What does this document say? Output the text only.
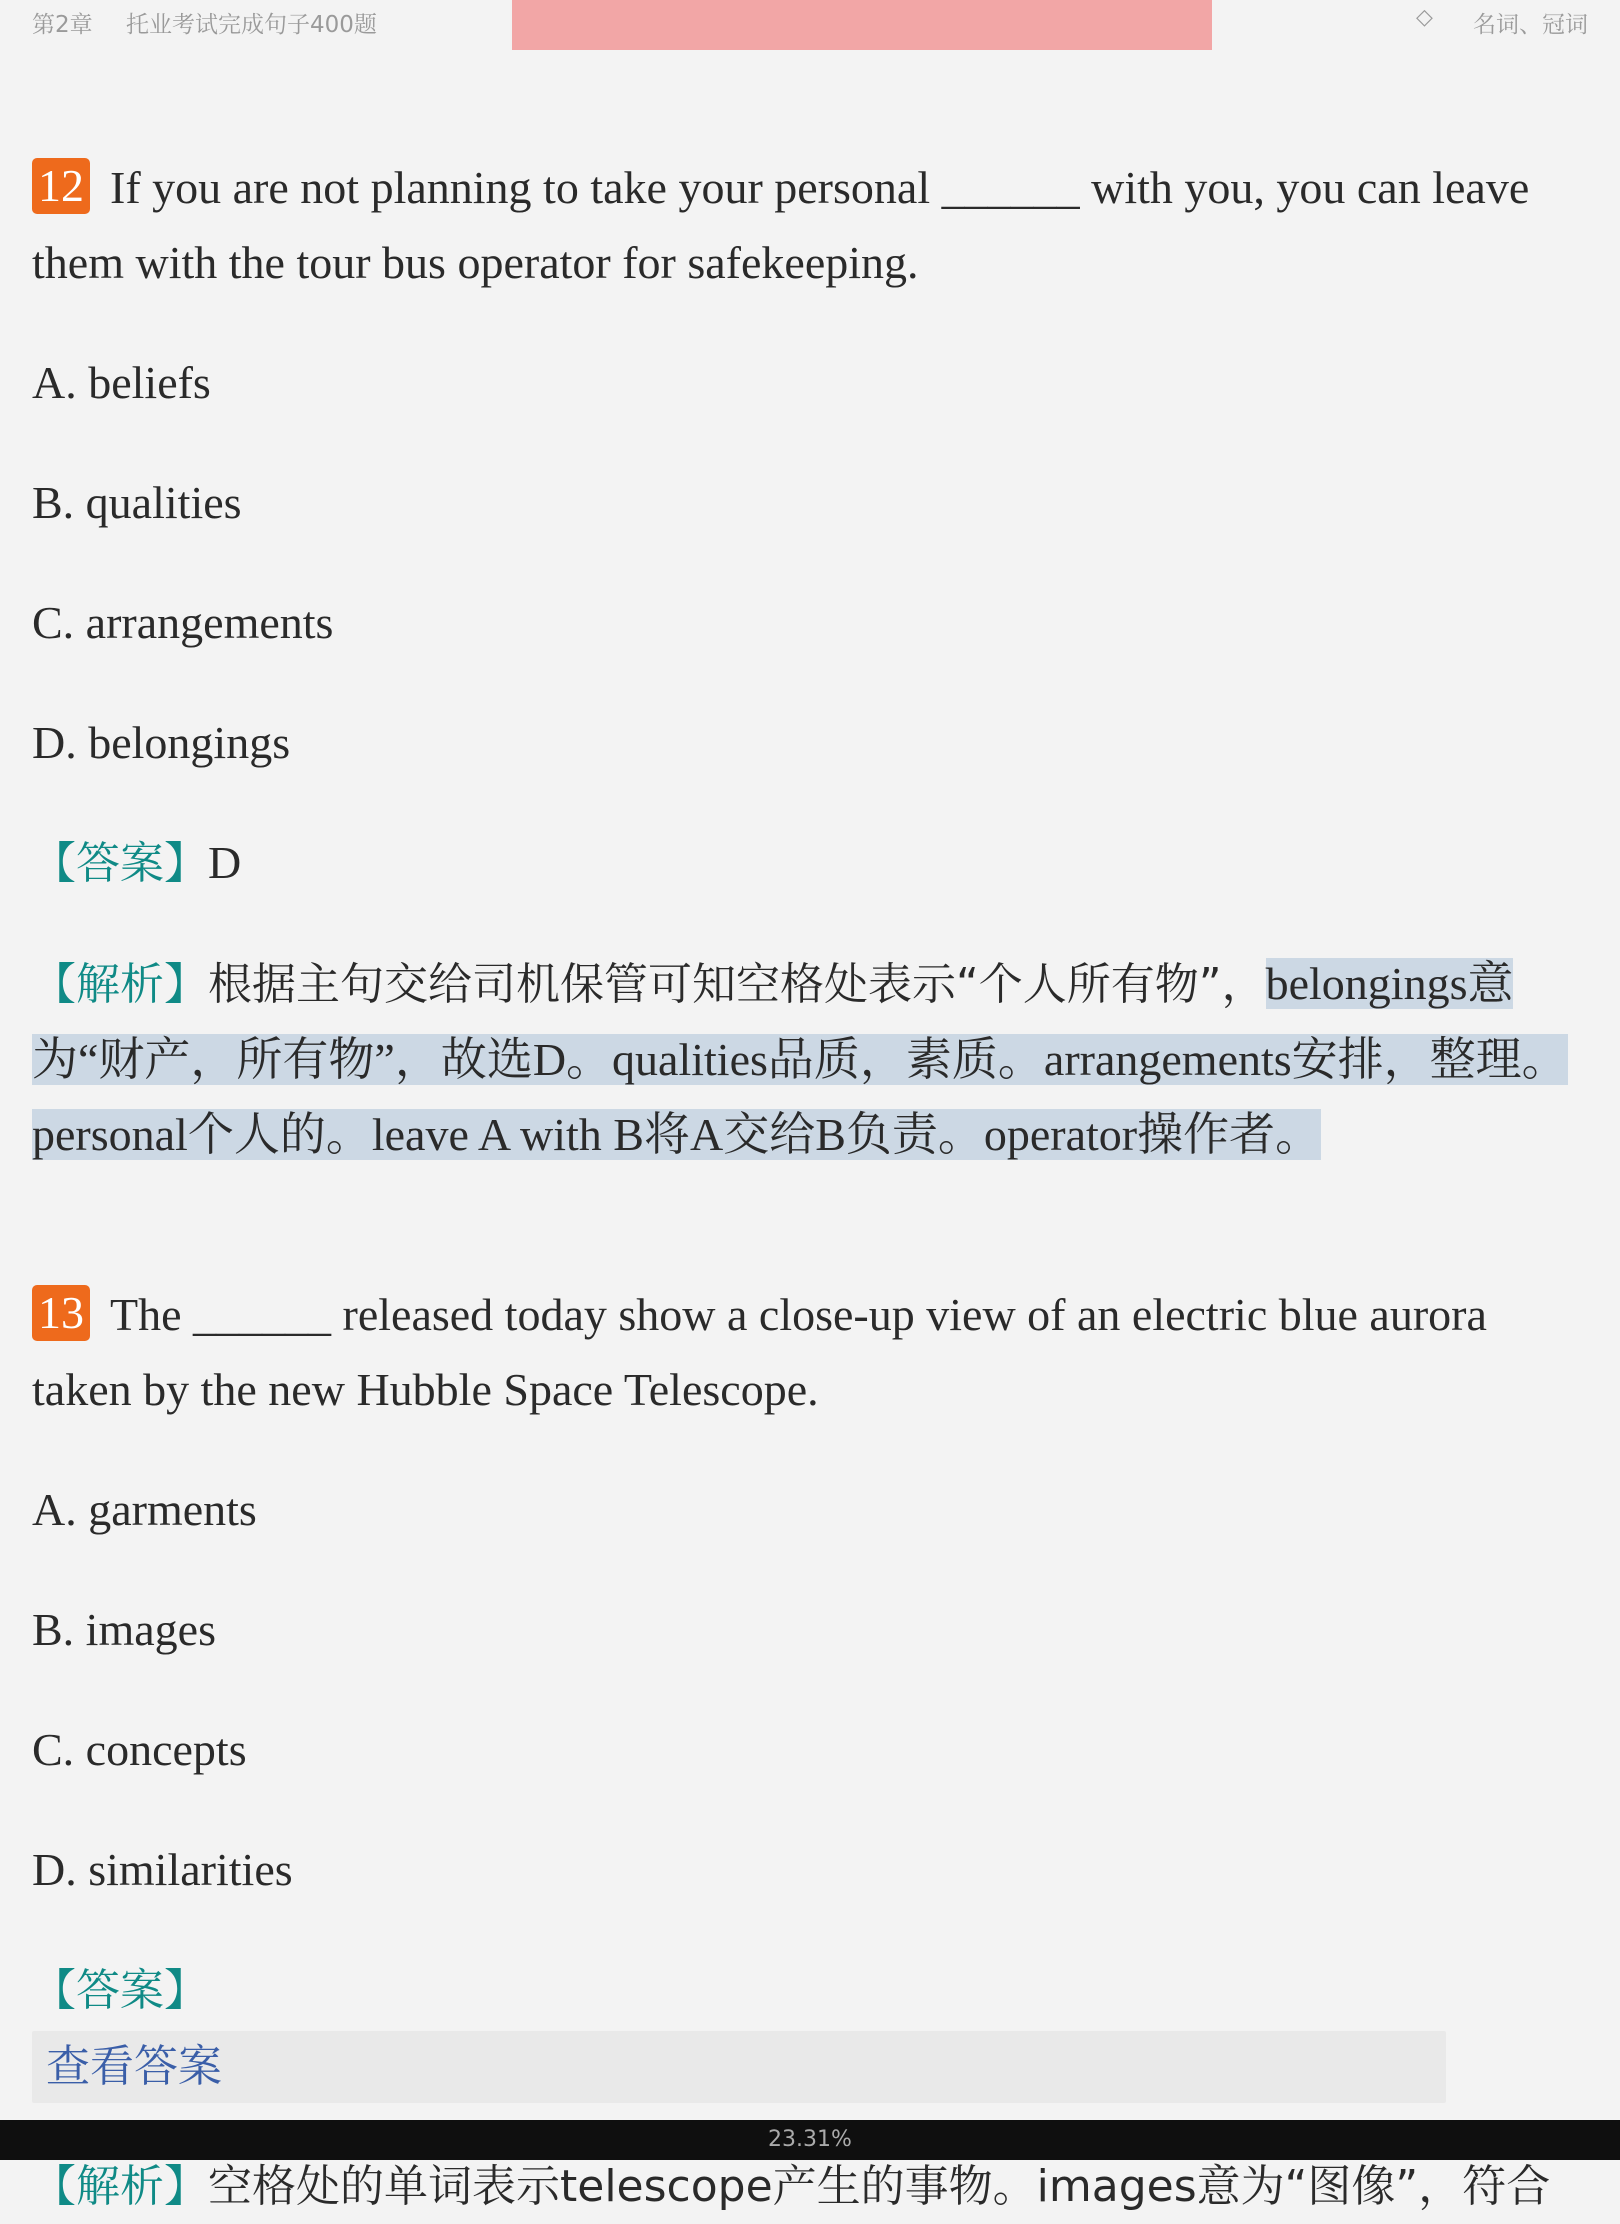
第2章 托业考试完成句子400题	◇ 名词、冠词
12 If you are not planning to take your personal ______ with you, you can leave them with the tour bus operator for safekeeping.
A. beliefs
B. qualities
C. arrangements
D. belongings
【答案】D
【解析】根据主句交给司机保管可知空格处表示“个人所有物”，belongings意为“财产，所有物”，故选D。qualities品质，素质。arrangements安排，整理。personal个人的。leave A with B将A交给B负责。operator操作者。
13 The ______ released today show a close-up view of an electric blue aurora taken by the new Hubble Space Telescope.
A. garments
B. images
C. concepts
D. similarities
【答案】查看答案
【解析】空格处的单词表示telescope产生的事物。images意为“图像”，符合
23.31%
